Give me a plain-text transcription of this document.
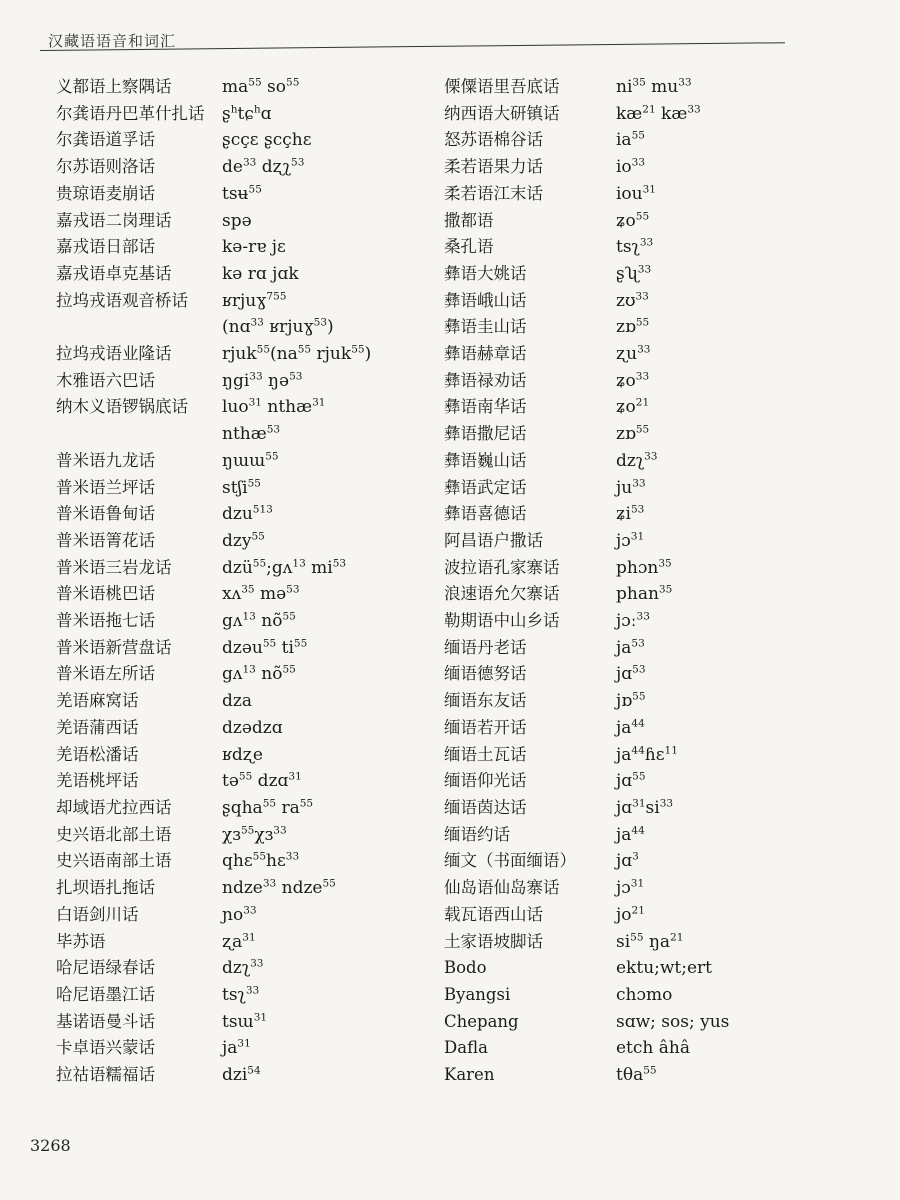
汉藏语语音和词汇
义都语上察隅话	$ma^{55}$ $so^{55}$
尔龚语丹巴革什扎话	ʂ$^h$tɕ$^h$ɑ
尔龚语道孚话	ʂcçɛ ʂcçhɛ
尔苏语则洛话	$de^{33}$ dʐʅ$^{53}$
贵琼语麦崩话	tsʉ$^{55}$
嘉戎语二岗理话	spə
嘉戎语日部话	kə-rɐ jɛ
嘉戎语卓克基话	kə rɑ jɑk
拉坞戎语观音桥话	ʁrjuɣ$^{755}$
(nɑ$^{33}$ ʁrjuɣ$^{53}$)
拉坞戎语业隆话	$rjuk^{55}(na^{55}$ rjuk$^{55}$)
木雅语六巴话	ŋgi$^{33}$ ŋə$^{53}$
纳木义语锣锅底话	luo$^{31}$ nthæ$^{31}$
nthæ$^{53}$
普米语九龙话	ŋɯɯ$^{55}$
普米语兰坪话	stʃi$^{55}$
普米语鲁甸话	dzu$^{513}$
普米语箐花话	dzy$^{55}$
普米语三岩龙话	dzü$^{55}$;gʌ$^{13}$ $mi^{53}$
普米语桃巴话	xʌ$^{35}$ mə$^{53}$
普米语拖七话	gʌ$^{13}$ $nõ^{55}$
普米语新营盘话	dzəu$^{55}$ $ti^{55}$
普米语左所话	gʌ$^{13}$ $nõ^{55}$
羌语麻窝话	dza
羌语蒲西话	dzədzɑ
羌语松潘话	ʁdʐe
羌语桃坪话	tə$^{55}$ dzɑ$^{31}$
却域语尤拉西话	ʂqha$^{55}$ $ra^{55}$
史兴语北部土语	χɜ$^{55}$χɜ$^{33}$
史兴语南部土语	qhɛ$^{55}$hɛ$^{33}$
扎坝语扎拖话	ndze$^{33}$ ndze$^{55}$
白语剑川话	ɲo$^{33}$
毕苏语	ʐa$^{31}$
哈尼语绿春话	dzʅ$^{33}$
哈尼语墨江话	tsʅ$^{33}$
基诺语曼斗话	tsɯ$^{31}$
卡卓语兴蒙话	$ja^{31}$
拉祜语糯福话	dzi$^{54}$
傈僳语里吾底话	$ni^{35}$ $mu^{33}$
纳西语大研镇话	$kæ^{21}$ $kæ^{33}$
怒苏语棉谷话	$ia^{55}$
柔若语果力话	$io^{33}$
柔若语江末话	iou$^{31}$
撒都语	ʑo$^{55}$
桑孔语	tsʅ$^{33}$
彝语大姚话	ʂʯ$^{33}$
彝语峨山话	zʊ$^{33}$
彝语圭山话	zɒ$^{55}$
彝语赫章话	ʐu$^{33}$
彝语禄劝话	ʑo$^{33}$
彝语南华话	ʑo$^{21}$
彝语撒尼话	zɒ$^{55}$
彝语巍山话	dzʅ$^{33}$
彝语武定话	$ju^{33}$
彝语喜德话	ʑi$^{53}$
阿昌语户撒话	jɔ$^{31}$
波拉语孔家寨话	phɔn$^{35}$
浪速语允欠寨话	phan$^{35}$
勒期语中山乡话	jɔː$^{33}$
缅语丹老话	$ja^{53}$
缅语德努话	jɑ$^{53}$
缅语东友话	jɒ$^{55}$
缅语若开话	$ja^{44}$
缅语土瓦话	$ja^{44}ɦɛ^{11}$
缅语仰光话	jɑ$^{55}$
缅语茵达话	$jɑ^{31}si^{33}$
缅语约话	$ja^{44}$
缅文（书面缅语）	jɑ$^3$
仙岛语仙岛寨话	jɔ$^{31}$
载瓦语西山话	$jo^{21}$
土家语坡脚话	$si^{55}$ $ŋa^{21}$
Bodo	ektu;wt;ert
Byangsi	chɔmo
Chepang	sɑw; sos; yus
Dafla	etch âhâ
Karen	tθa$^{55}$
3268
